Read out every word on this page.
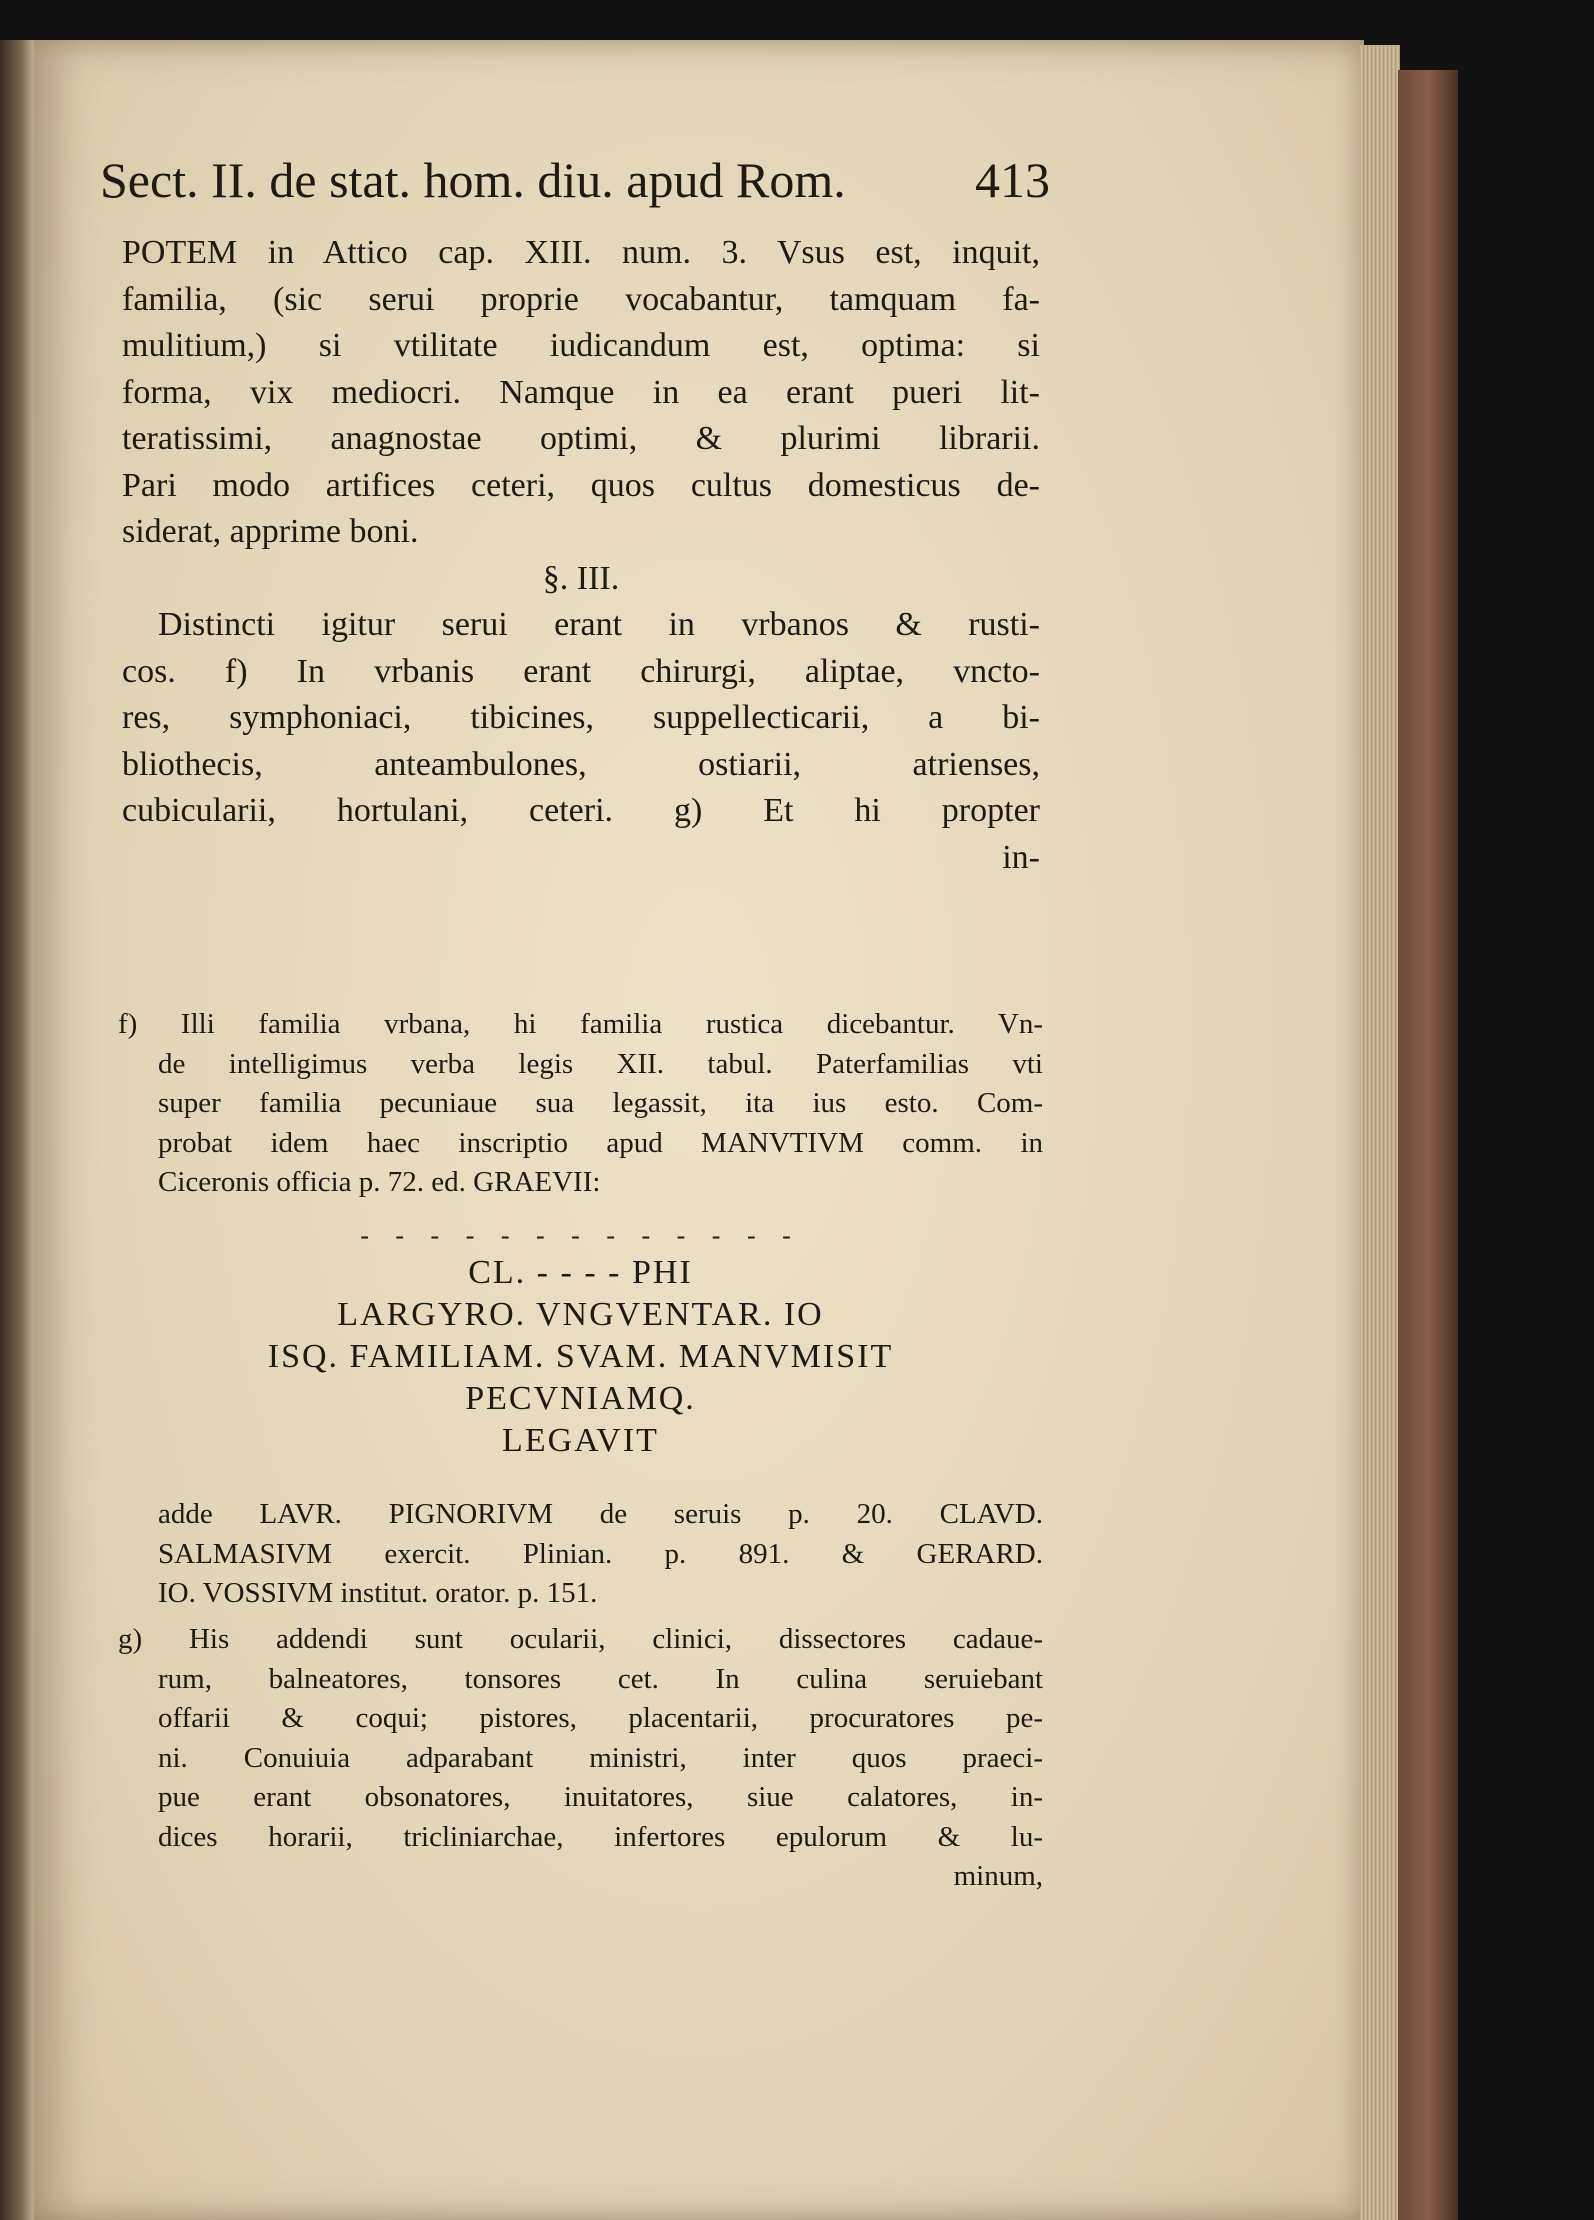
Sect. II. de stat. hom. diu. apud Rom.	413
POTEM in Attico cap. XIII. num. 3. Vsus est, inquit,
familia, (sic serui proprie vocabantur, tamquam fa-
mulitium,) si vtilitate iudicandum est, optima: si
forma, vix mediocri. Namque in ea erant pueri lit-
teratissimi, anagnostae optimi, & plurimi librarii.
Pari modo artifices ceteri, quos cultus domesticus de-
siderat, apprime boni.
§. III.
Distincti igitur serui erant in vrbanos & rusti-
cos. f) In vrbanis erant chirurgi, aliptae, vncto-
res, symphoniaci, tibicines, suppellecticarii, a bi-
bliothecis, anteambulones, ostiarii, atrienses,
cubicularii, hortulani, ceteri. g) Et hi propter
in-
f) Illi familia vrbana, hi familia rustica dicebantur. Vn-
de intelligimus verba legis XII. tabul. Paterfamilias vti
super familia pecuniaue sua legassit, ita ius esto. Com-
probat idem haec inscriptio apud MANVTIVM comm. in
Ciceronis officia p. 72. ed. GRAEVII:
- - - - - - - - - - - - -
CL. - - - - PHI
LARGYRO. VNGVENTAR. IO
ISQ. FAMILIAM. SVAM. MANVMISIT
PECVNIAMQ.
LEGAVIT
adde LAVR. PIGNORIVM de seruis p. 20. CLAVD.
SALMASIVM exercit. Plinian. p. 891. & GERARD.
IO. VOSSIVM institut. orator. p. 151.
g) His addendi sunt ocularii, clinici, dissectores cadaue-
rum, balneatores, tonsores cet. In culina seruiebant
offarii & coqui; pistores, placentarii, procuratores pe-
ni. Conuiuia adparabant ministri, inter quos praeci-
pue erant obsonatores, inuitatores, siue calatores, in-
dices horarii, tricliniarchae, infertores epulorum & lu-
minum,
